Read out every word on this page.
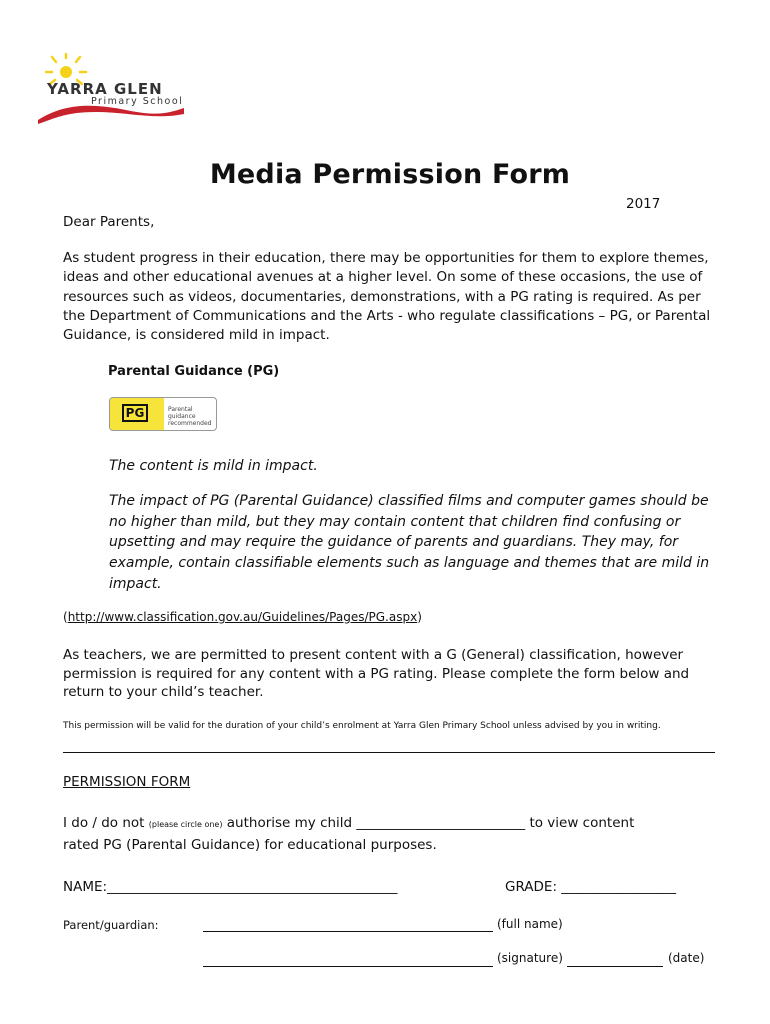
YARRA GLEN
Primary School
Media Permission Form
2017
Dear Parents,
As student progress in their education, there may be opportunities for them to explore themes, ideas and other educational avenues at a higher level. On some of these occasions, the use of resources such as videos, documentaries, demonstrations, with a PG rating is required. As per the Department of Communications and the Arts - who regulate classifications – PG, or Parental Guidance, is considered mild in impact.
Parental Guidance (PG)
PG	Parental guidance recommended
The content is mild in impact.
The impact of PG (Parental Guidance) classified films and computer games should be no higher than mild, but they may contain content that children find confusing or upsetting and may require the guidance of parents and guardians. They may, for example, contain classifiable elements such as language and themes that are mild in impact.
(http://www.classification.gov.au/Guidelines/Pages/PG.aspx)
As teachers, we are permitted to present content with a G (General) classification, however permission is required for any content with a PG rating. Please complete the form below and return to your child’s teacher.
This permission will be valid for the duration of your child’s enrolment at Yarra Glen Primary School unless advised by you in writing.
PERMISSION FORM
I do / do not (please circle one) authorise my child _________________________ to view content
rated PG (Parental Guidance) for educational purposes.
NAME:___________________________________________	GRADE: _________________
Parent/guardian:	(full name)
(signature)	(date)
